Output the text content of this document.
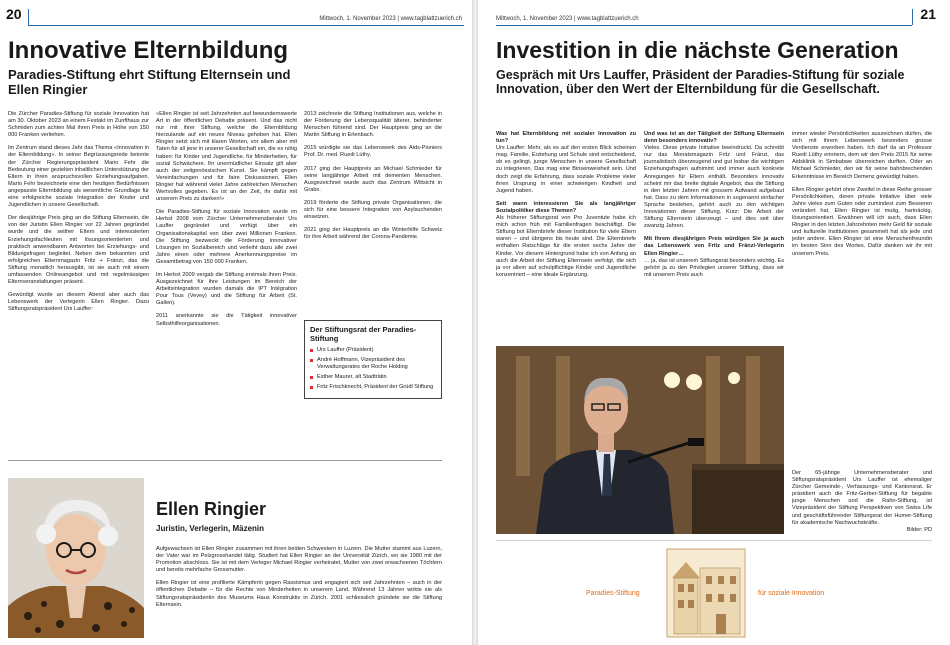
20	Mittwoch, 1. November 2023 | www.tagblattzuerich.ch
Innovative Elternbildung
Paradies-Stiftung ehrt Stiftung Elternsein und Ellen Ringier

Die Zürcher Paradies-Stiftung für soziale Innovation hat am 30. Oktober 2023 an einem Festakt im Zunfthaus zur Schmiden zum achten Mal ihren Preis in Höhe von 150 000 Franken verliehen.

Im Zentrum stand dieses Jahr das Thema «Innovation in der Elternbildung». In seiner Begrüssungsrede betonte der Zürcher Regierungspräsident Mario Fehr die Bedeutung einer gezielten inhaltlichen Unterstützung der Eltern in ihren anspruchsvollen Erziehungsaufgaben. Mario Fehr bezeichnete eine den heutigen Bedürfnissen angepasste Elternbildung als wesentliche Grundlage für eine erfolgreiche soziale Integration der Kinder und Jugendlichen in unsere Gesellschaft.

Der diesjährige Preis ging an die Stiftung Elternsein, die von der Juristin Ellen Ringier vor 22 Jahren gegründet wurde und die seither Eltern und interessierten Erziehungsfachleuten mit lösungsorientierten und praktisch anwendbaren Antworten bei Erziehungs- und Bildungsfragen begleitet. Neben dem bekannten und erfolgreichen Elternmagazin Fritz + Fränzi, das die Stiftung monatlich herausgibt, ist sie auch mit einem umfassenden Onlineangebot und mit regelmässigen Elternveranstaltungen präsent.

Gewürdigt wurde an diesem Abend aber auch das Lebenswerk der Verlegerin Ellen Ringier. Dazu Stiftungsratspräsident Urs Lauffer:

«Ellen Ringier ist seit Jahrzehnten auf bewundernswerte Art in der öffentlichen Debatte präsent. Und das nicht nur mit ihrer Stiftung, welche die Elternbildung hierzulande auf ein neues Niveau gehoben hat. Ellen Ringier setzt sich mit klaren Worten, vor allem aber mit Taten für all jene in unserer Gesellschaft ein, die es nötig haben: für Kinder und Jugendliche, für Minderheiten, für sozial Schwächere. Ihr unermüdlicher Einsatz gilt aber auch der zeitgenössischen Kunst. Sie kämpft gegen Vereinfachungen und für faire Diskussionen. Ellen Ringier hat während vieler Jahre zahlreichen Menschen Wertvolles gegeben. Es ist an der Zeit, ihr dafür mit unserem Preis zu danken!»

Die Paradies-Stiftung für soziale Innovation wurde im Herbst 2008 vom Zürcher Unternehmensberater Urs Lauffer gegründet und verfügt über ein Organisationskapital von über zwei Millionen Franken. Die Stiftung bezweckt die Förderung innovativer Lösungen im Sozialbereich und verleiht dazu alle zwei Jahre einen oder mehrere Anerkennungspreise im Gesamtbetrag von 150 000 Franken.

Im Herbst 2009 vergab die Stiftung erstmals ihren Preis. Ausgezeichnet für ihre Leistungen im Bereich der Arbeitsintegration wurden damals die IPT Intégration Pour Tous (Vevey) und die Stiftung für Arbeit (St. Gallen).

2011 anerkannte sie die Tätigkeit innovativer Selbsthilfeorganisationen.

2013 zeichnete die Stiftung Institutionen aus, welche in der Förderung der Lebensqualität älterer, behinderter Menschen führend sind. Der Hauptpreis ging an die Martin Stiftung in Erlenbach.

2015 würdigte sie das Lebenswerk des Aids-Pioniers Prof. Dr. med. Ruedi Lüthy.

2017 ging der Hauptpreis an Michael Schmieder für seine langjährige Arbeit mit dementen Menschen. Ausgezeichnet wurde auch das Zentrum Wiitsicht in Grabs.

2019 förderte die Stiftung private Organisationen, die sich für eine bessere Integration von Asylsuchenden einsetzen.

2021 ging der Hauptpreis an die Winterhilfe Schweiz für ihre Arbeit während der Corona-Pandemie.

Der Stiftungsrat der Paradies-Stiftung
Urs Lauffer (Präsident)
André Hoffmann, Vizepräsident des Verwaltungsrates der Roche Holding
Esther Maurer, alt Stadträtin
Fritz Frischknecht, Präsident der Grüdl Stiftung
Ellen Ringier
Juristin, Verlegerin, Mäzenin

Aufgewachsen ist Ellen Ringier zusammen mit ihren beiden Schwestern in Luzern. Die Mutter stammt aus Luzern, der Vater war im Pelzgrosshandel tätig. Studiert hat Ellen Ringier an der Universität Zürich, wo sie 1980 mit der Promotion abschloss. Sie ist mit dem Verleger Michael Ringier verheiratet, Mutter von zwei erwachsenen Töchtern und bereits mehrfache Grossmutter.

Ellen Ringier ist eine profilierte Kämpferin gegen Rassismus und engagiert sich seit Jahrzehnten – auch in der öffentlichen Debatte – für die Rechte von Minderheiten in unserem Land. Während 13 Jahren wirkte sie als Stiftungsratspräsidentin des Museums Haus Konstruktiv in Zürich. 2001 schliesslich gründete sie die Stiftung Elternsein.

Mittwoch, 1. November 2023 | www.tagblattzuerich.ch	21
Investition in die nächste Generation
Gespräch mit Urs Lauffer, Präsident der Paradies-Stiftung für soziale Innovation, über den Wert der Elternbildung für die Gesellschaft.

Was hat Elternbildung mit sozialer Innovation zu tun?
Urs Lauffer: Mehr, als es auf den ersten Blick scheinen mag. Familie, Erziehung und Schule sind entscheidend, ob es gelingt, junge Menschen in unsere Gesellschaft zu integrieren. Das mag eine Binsenweisheit sein. Und doch zeigt die Erfahrung, dass soziale Probleme vieler ihren Ursprung in einer schwierigen Kindheit und Jugend haben.

Seit wann interessieren Sie als langjähriger Sozialpolitiker diese Themen?
Als früherer Stiftungsrat von Pro Juventute habe ich mich schon früh mit Familienfragen beschäftigt. Die Stiftung bot Elternbriefe dieser Institution für viele Eltern waren – und übrigens bis heute sind. Die Elternbriefe enthalten Ratschläge für die ersten sechs Jahre der Kinder. Vor diesem Hintergrund habe ich von Anfang an auch die Arbeit der Stiftung Elternsein verfolgt, die sich ja vor allem auf schulpflichtige Kinder und Jugendliche konzentriert – eine ideale Ergänzung.

Und was ist an der Tätigkeit der Stiftung Elternsein denn besonders innovativ?
Vieles. Diese private Initiative beeindruckt. Da schreibt nur das Monatsmagazin Fritz und Fränzi, das journalistisch überzeugend und gut lesbar die wichtigen Erziehungsfragen aufnimmt und immer auch konkrete Anregungen für Eltern enthält. Besonders innovativ scheint mir das breite digitale Angebot, das die Stiftung in den letzten Jahren mit grossem Aufwand aufgebaut hat. Dass zu dem Informationen in sogenannt einfacher Sprache bestehen, gehört auch zu den wichtigen Innovationen dieser Stiftung. Kurz: Die Arbeit der Stiftung Elternsein überzeugt – und dies seit über zwanzig Jahren.

Mit Ihrem diesjährigen Preis würdigen Sie ja auch das Lebenswerk von Fritz und Fränzi-Verlegerin Ellen Ringier…
… ja, das ist unserem Stiftungsrat besonders wichtig. Es gehört ja zu den Privilegien unserer Stiftung, dass wir mit unserem Preis auch

immer wieder Persönlichkeiten auszeichnen dürfen, die sich mit ihrem Lebenswerk besonders grosse Verdienste erworben haben. Ich darf da an Professor Ruedi Lüthy erinnern, dem wir den Preis 2015 für seine Aidsklinik in Simbabwe überreichen durften. Oder an Michael Schmieder, den wir für seine bahnbrechenden Erkenntnisse im Bereich Demenz gewürdigt haben.

Ellen Ringier gehört ohne Zweifel in diese Reihe grosser Persönlichkeiten, deren private Initiative über viele Jahre vieles zum Guten oder zumindest zum Besseren verändert hat. Ellen Ringier ist mutig, hartnäckig, lösungsorientiert. Erwähnen will ich auch, dass Ellen Ringier in den letzten Jahrzehnten mehr Geld für soziale und kulturelle Institutionen gesammelt hat als jede und jeder andere. Ellen Ringier ist eine Menschenfreundin im besten Sinn des Wortes. Dafür danken wir ihr mit unserem Preis.

Der 65-jährige Unternehmensberater und Stiftungsratspräsident Urs Lauffer ist ehemaliger Zürcher Gemeinde-, Verfassungs- und Kantonsrat. Er präsidiert auch die Fritz-Gerber-Stiftung für begabte junge Menschen und die Rahn-Stiftung, ist Vizepräsident der Stiftung Perspektiven von Swiss Life und geschäftsführender Stiftungsrat der Humer-Stiftung für akademische Nachwuchskräfte.
Bilder: PD
Paradies-Stiftung	für soziale Innovation
